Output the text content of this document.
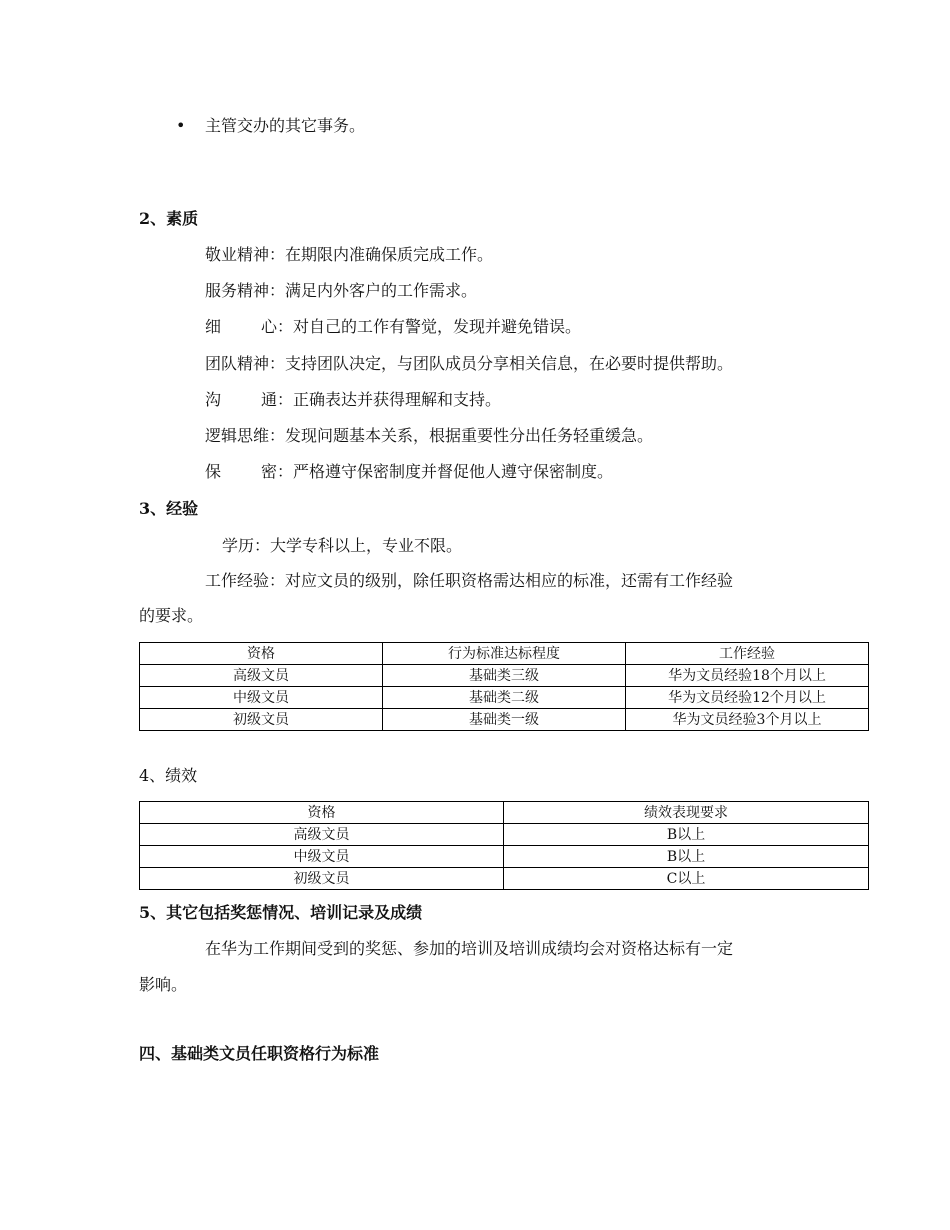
• 主管交办的其它事务。
2、素质
敬业精神：在期限内准确保质完成工作。
服务精神：满足内外客户的工作需求。
细 心：对自己的工作有警觉，发现并避免错误。
团队精神：支持团队决定，与团队成员分享相关信息，在必要时提供帮助。
沟 通：正确表达并获得理解和支持。
逻辑思维：发现问题基本关系，根据重要性分出任务轻重缓急。
保 密：严格遵守保密制度并督促他人遵守保密制度。
3、经验
学历：大学专科以上，专业不限。
工作经验：对应文员的级别，除任职资格需达相应的标准，还需有工作经验
的要求。
资格	行为标准达标程度	工作经验
高级文员	基础类三级	华为文员经验18个月以上
中级文员	基础类二级	华为文员经验12个月以上
初级文员	基础类一级	华为文员经验3个月以上
4、绩效
资格	绩效表现要求
高级文员	B以上
中级文员	B以上
初级文员	C以上
5、其它包括奖惩情况、培训记录及成绩
在华为工作期间受到的奖惩、参加的培训及培训成绩均会对资格达标有一定
影响。
四、基础类文员任职资格行为标准
